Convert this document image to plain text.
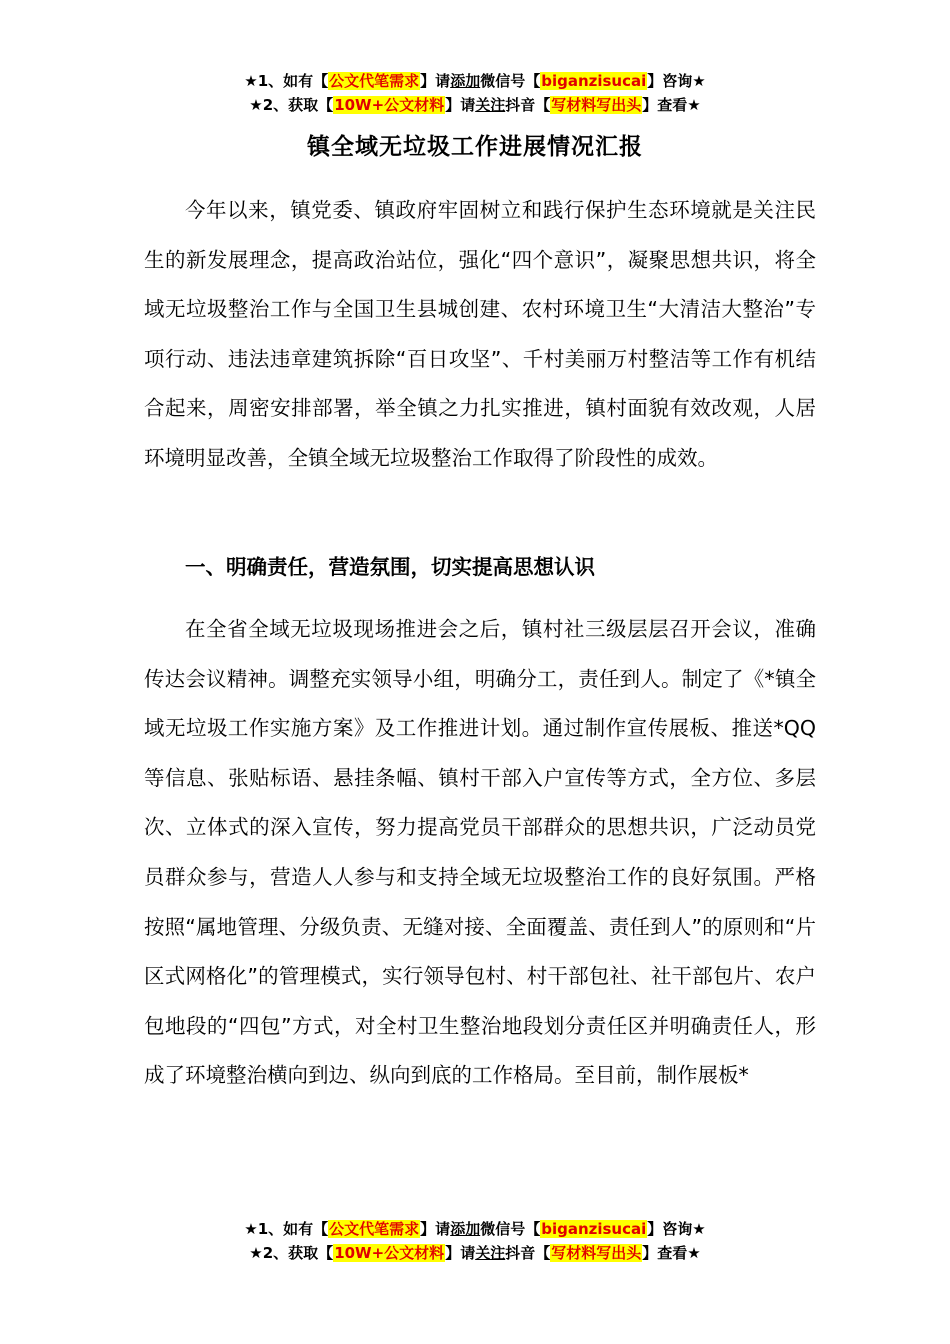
★1、如有【公文代笔需求】请添加微信号【biganzisucai】咨询★
★2、获取【10W+公文材料】请关注抖音【写材料写出头】查看★
镇全域无垃圾工作进展情况汇报

今年以来，镇党委、镇政府牢固树立和践行保护生态环境就是关注民生的新发展理念，提高政治站位，强化“四个意识”，凝聚思想共识，将全域无垃圾整治工作与全国卫生县城创建、农村环境卫生“大清洁大整治”专项行动、违法违章建筑拆除“百日攻坚”、千村美丽万村整洁等工作有机结合起来，周密安排部署，举全镇之力扎实推进，镇村面貌有效改观，人居环境明显改善，全镇全域无垃圾整治工作取得了阶段性的成效。

一、明确责任，营造氛围，切实提高思想认识

在全省全域无垃圾现场推进会之后，镇村社三级层层召开会议，准确传达会议精神。调整充实领导小组，明确分工，责任到人。制定了《*镇全域无垃圾工作实施方案》及工作推进计划。通过制作宣传展板、推送*QQ等信息、张贴标语、悬挂条幅、镇村干部入户宣传等方式，全方位、多层次、立体式的深入宣传，努力提高党员干部群众的思想共识，广泛动员党员群众参与，营造人人参与和支持全域无垃圾整治工作的良好氛围。严格按照“属地管理、分级负责、无缝对接、全面覆盖、责任到人”的原则和“片区式网格化”的管理模式，实行领导包村、村干部包社、社干部包片、农户包地段的“四包”方式，对全村卫生整治地段划分责任区并明确责任人，形成了环境整治横向到边、纵向到底的工作格局。至目前，制作展板*

★1、如有【公文代笔需求】请添加微信号【biganzisucai】咨询★
★2、获取【10W+公文材料】请关注抖音【写材料写出头】查看★
